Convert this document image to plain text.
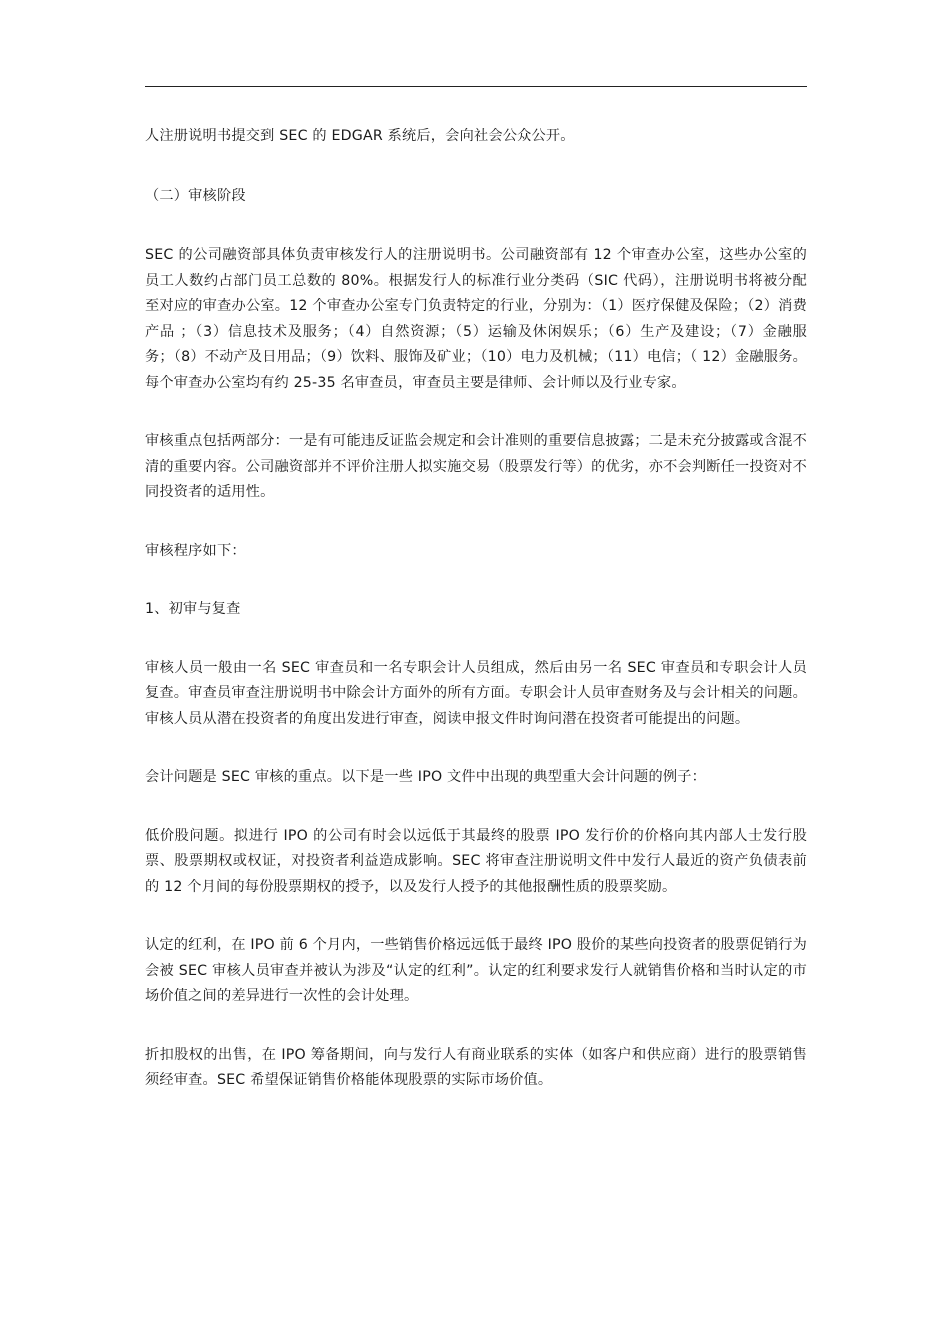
人注册说明书提交到 SEC 的 EDGAR 系统后，会向社会公众公开。

（二）审核阶段

SEC 的公司融资部具体负责审核发行人的注册说明书。公司融资部有 12 个审查办公室，这些办公室的员工人数约占部门员工总数的 80%。根据发行人的标准行业分类码（SIC 代码），注册说明书将被分配至对应的审查办公室。12 个审查办公室专门负责特定的行业，分别为：（1）医疗保健及保险；（2）消费产品 ；（3）信息技术及服务；（4）自然资源；（5）运输及休闲娱乐；（6）生产及建设；（7）金融服务；（8）不动产及日用品；（9）饮料、服饰及矿业；（10）电力及机械；（11）电信；（ 12）金融服务。每个审查办公室均有约 25-35 名审查员，审查员主要是律师、会计师以及行业专家。

审核重点包括两部分：一是有可能违反证监会规定和会计准则的重要信息披露；二是未充分披露或含混不清的重要内容。公司融资部并不评价注册人拟实施交易（股票发行等）的优劣，亦不会判断任一投资对不同投资者的适用性。

审核程序如下：

1、初审与复查

审核人员一般由一名 SEC 审查员和一名专职会计人员组成，然后由另一名 SEC 审查员和专职会计人员复查。审查员审查注册说明书中除会计方面外的所有方面。专职会计人员审查财务及与会计相关的问题。审核人员从潜在投资者的角度出发进行审查，阅读申报文件时询问潜在投资者可能提出的问题。

会计问题是 SEC 审核的重点。以下是一些 IPO 文件中出现的典型重大会计问题的例子：

低价股问题。拟进行 IPO 的公司有时会以远低于其最终的股票 IPO 发行价的价格向其内部人士发行股票、股票期权或权证，对投资者利益造成影响。SEC 将审查注册说明文件中发行人最近的资产负债表前的 12 个月间的每份股票期权的授予，以及发行人授予的其他报酬性质的股票奖励。

认定的红利，在 IPO 前 6 个月内，一些销售价格远远低于最终 IPO 股价的某些向投资者的股票促销行为会被 SEC 审核人员审查并被认为涉及“认定的红利”。认定的红利要求发行人就销售价格和当时认定的市场价值之间的差异进行一次性的会计处理。

折扣股权的出售，在 IPO 筹备期间，向与发行人有商业联系的实体（如客户和供应商）进行的股票销售须经审查。SEC 希望保证销售价格能体现股票的实际市场价值。
